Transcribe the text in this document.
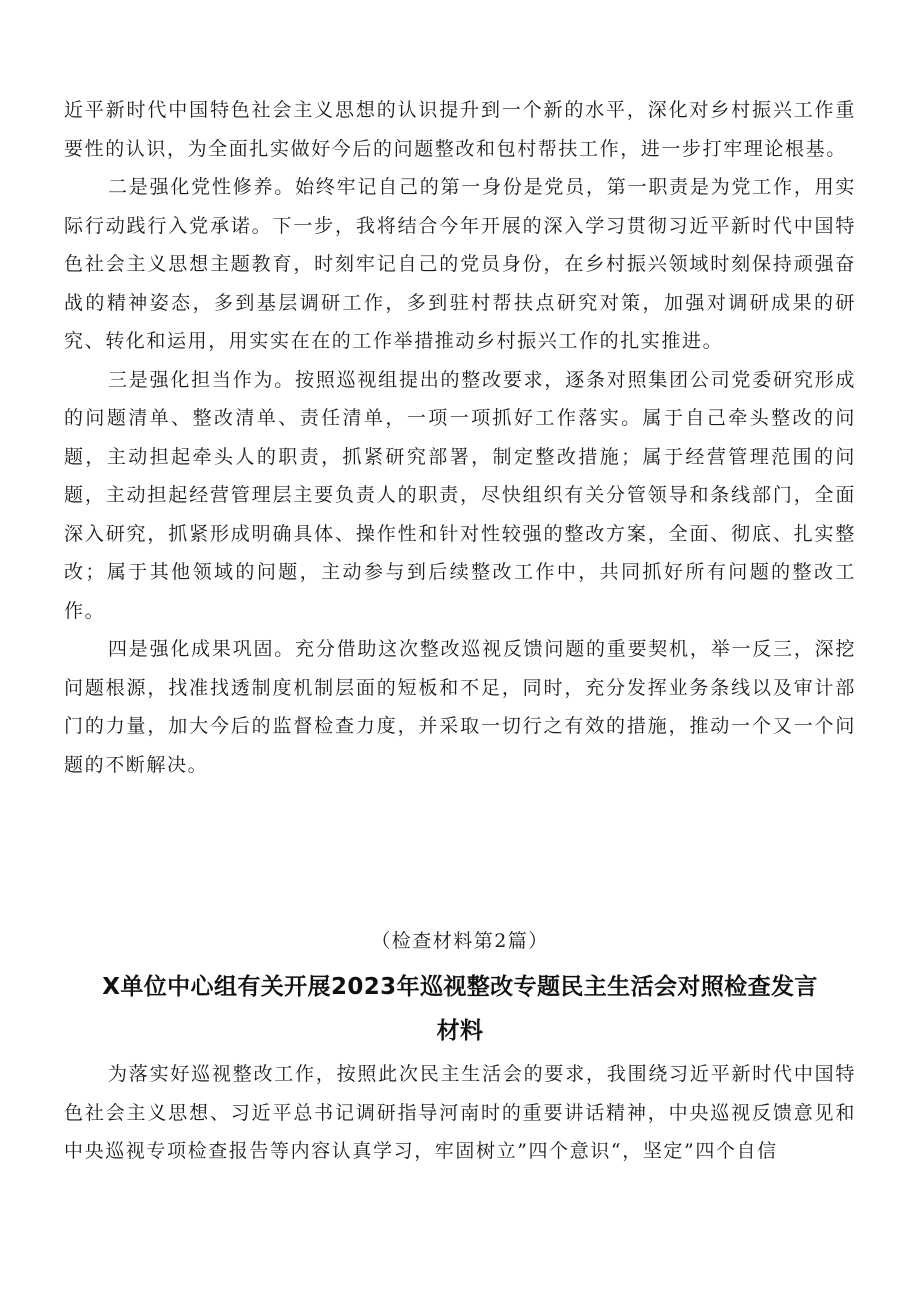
近平新时代中国特色社会主义思想的认识提升到一个新的水平，深化对乡村振兴工作重要性的认识，为全面扎实做好今后的问题整改和包村帮扶工作，进一步打牢理论根基。

二是强化党性修养。始终牢记自己的第一身份是党员，第一职责是为党工作，用实际行动践行入党承诺。下一步，我将结合今年开展的深入学习贯彻习近平新时代中国特色社会主义思想主题教育，时刻牢记自己的党员身份，在乡村振兴领域时刻保持顽强奋战的精神姿态，多到基层调研工作，多到驻村帮扶点研究对策，加强对调研成果的研究、转化和运用，用实实在在的工作举措推动乡村振兴工作的扎实推进。

三是强化担当作为。按照巡视组提出的整改要求，逐条对照集团公司党委研究形成的问题清单、整改清单、责任清单，一项一项抓好工作落实。属于自己牵头整改的问题，主动担起牵头人的职责，抓紧研究部署，制定整改措施；属于经营管理范围的问题，主动担起经营管理层主要负责人的职责，尽快组织有关分管领导和条线部门，全面深入研究，抓紧形成明确具体、操作性和针对性较强的整改方案，全面、彻底、扎实整改；属于其他领域的问题，主动参与到后续整改工作中，共同抓好所有问题的整改工作。

四是强化成果巩固。充分借助这次整改巡视反馈问题的重要契机，举一反三，深挖问题根源，找准找透制度机制层面的短板和不足，同时，充分发挥业务条线以及审计部门的力量，加大今后的监督检查力度，并采取一切行之有效的措施，推动一个又一个问题的不断解决。

（检查材料第2篇）
X单位中心组有关开展2023年巡视整改专题民主生活会对照检查发言材料

为落实好巡视整改工作，按照此次民主生活会的要求，我围绕习近平新时代中国特色社会主义思想、习近平总书记调研指导河南时的重要讲话精神，中央巡视反馈意见和中央巡视专项检查报告等内容认真学习，牢固树立”四个意识“，坚定”四个自信
